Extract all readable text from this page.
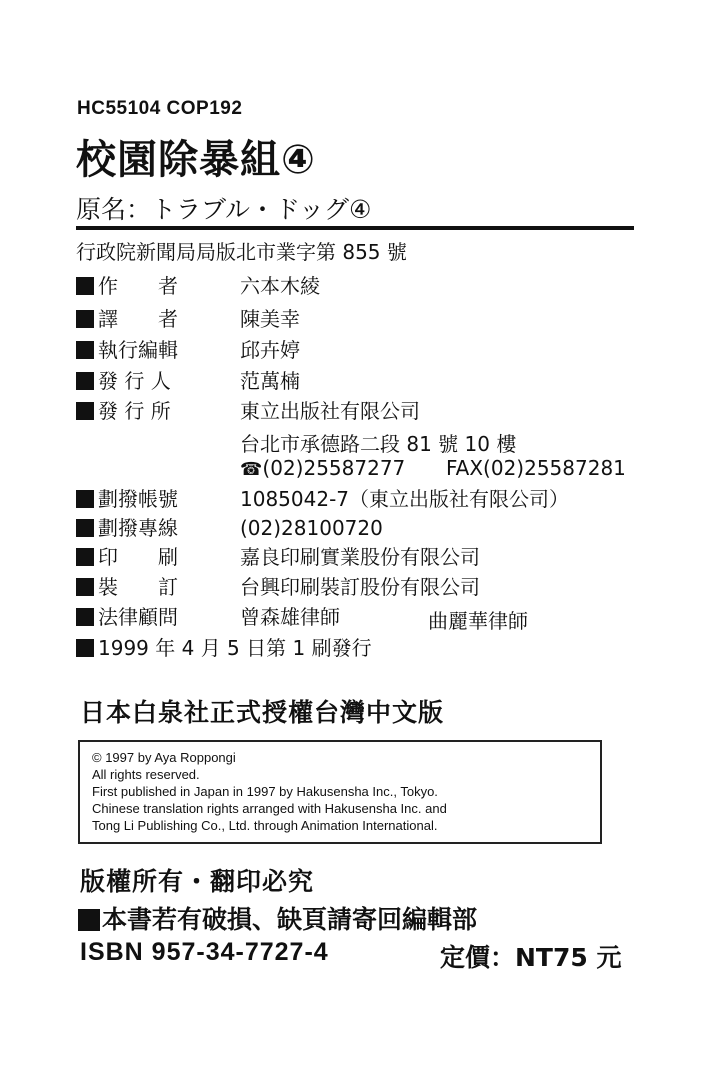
HC55104 COP192
校園除暴組④
原名：トラブル・ドッグ④
行政院新聞局局版北市業字第 855 號
作　　者	六本木綾
譯　　者	陳美幸
執行編輯	邱卉婷
發 行 人	范萬楠
發 行 所	東立出版社有限公司
台北市承德路二段 81 號 10 樓
☎(02)25587277 FAX(02)25587281
劃撥帳號	1085042-7（東立出版社有限公司）
劃撥專線	(02)28100720
印　　刷	嘉良印刷實業股份有限公司
裝　　訂	台興印刷裝訂股份有限公司
法律顧問	曾森雄律師	曲麗華律師
1999 年 4 月 5 日第 1 刷發行
日本白泉社正式授權台灣中文版
© 1997 by Aya Roppongi
All rights reserved.
First published in Japan in 1997 by Hakusensha Inc., Tokyo.
Chinese translation rights arranged with Hakusensha Inc. and
Tong Li Publishing Co., Ltd. through Animation International.
版權所有・翻印必究
本書若有破損、缺頁請寄回編輯部
ISBN 957-34-7727-4	定價：NT75 元
